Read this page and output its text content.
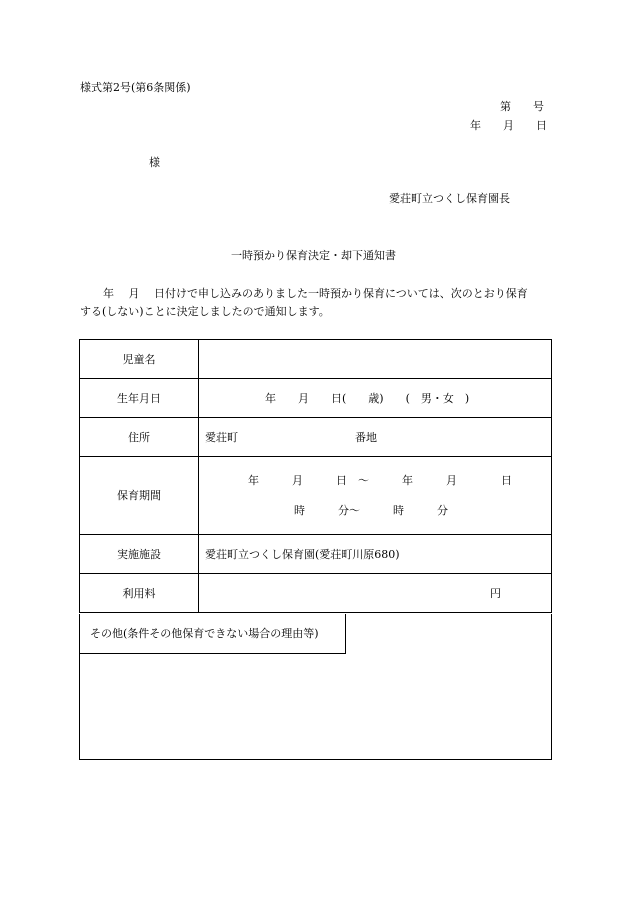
様式第2号(第6条関係)
第　　号
年　　月　　日
様
愛荘町立つくし保育園長
一時預かり保育決定・却下通知書
年　 月　 日付けで申し込みのありました一時預かり保育については、次のとおり保育
する(しない)ことに決定しましたので通知します。
児童名	
生年月日	年　　月　　日(　　歳)　　(　男・女　)

住所	愛荘町 番地
保育期間	年　　　月　　　日　～　　　年　　　月　　　　日
時　　　分～　　　時　　　分

実施施設	愛荘町立つくし保育園(愛荘町川原680)
利用料	円
その他(条件その他保育できない場合の理由等)
